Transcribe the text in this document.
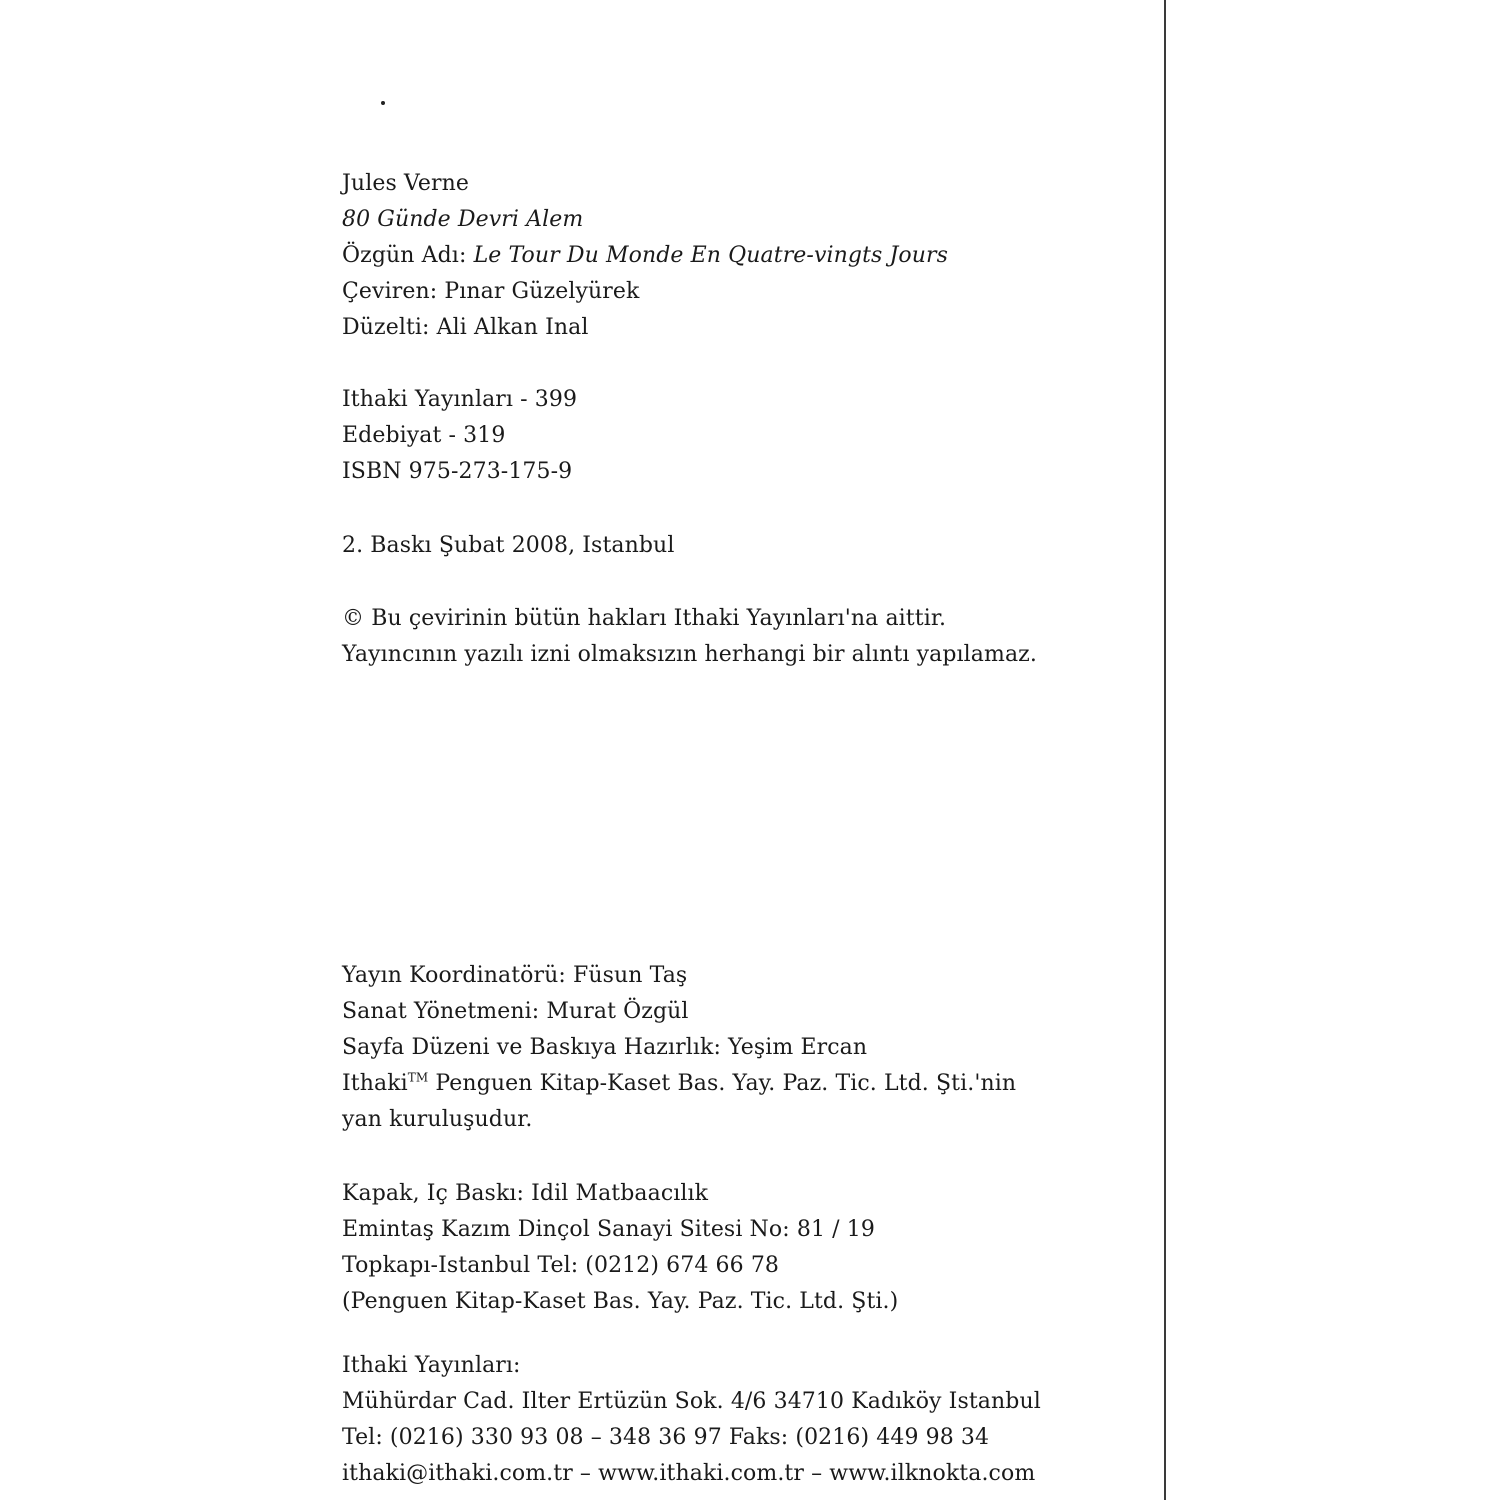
Jules Verne
80 Günde Devri Alem
Özgün Adı: Le Tour Du Monde En Quatre-vingts Jours
Çeviren: Pınar Güzelyürek
Düzelti: Ali Alkan Inal
Ithaki Yayınları - 399
Edebiyat - 319
ISBN 975-273-175-9
2. Baskı Şubat 2008, Istanbul
© Bu çevirinin bütün hakları Ithaki Yayınları'na aittir.
Yayıncının yazılı izni olmaksızın herhangi bir alıntı yapılamaz.
Yayın Koordinatörü: Füsun Taş
Sanat Yönetmeni: Murat Özgül
Sayfa Düzeni ve Baskıya Hazırlık: Yeşim Ercan
Ithaki™ Penguen Kitap-Kaset Bas. Yay. Paz. Tic. Ltd. Şti.'nin
yan kuruluşudur.
Kapak, Iç Baskı: Idil Matbaacılık
Emintaş Kazım Dinçol Sanayi Sitesi No: 81 / 19
Topkapı-Istanbul Tel: (0212) 674 66 78
(Penguen Kitap-Kaset Bas. Yay. Paz. Tic. Ltd. Şti.)
Ithaki Yayınları:
Mühürdar Cad. Ilter Ertüzün Sok. 4/6 34710 Kadıköy Istanbul
Tel: (0216) 330 93 08 – 348 36 97 Faks: (0216) 449 98 34
ithaki@ithaki.com.tr – www.ithaki.com.tr – www.ilknokta.com
